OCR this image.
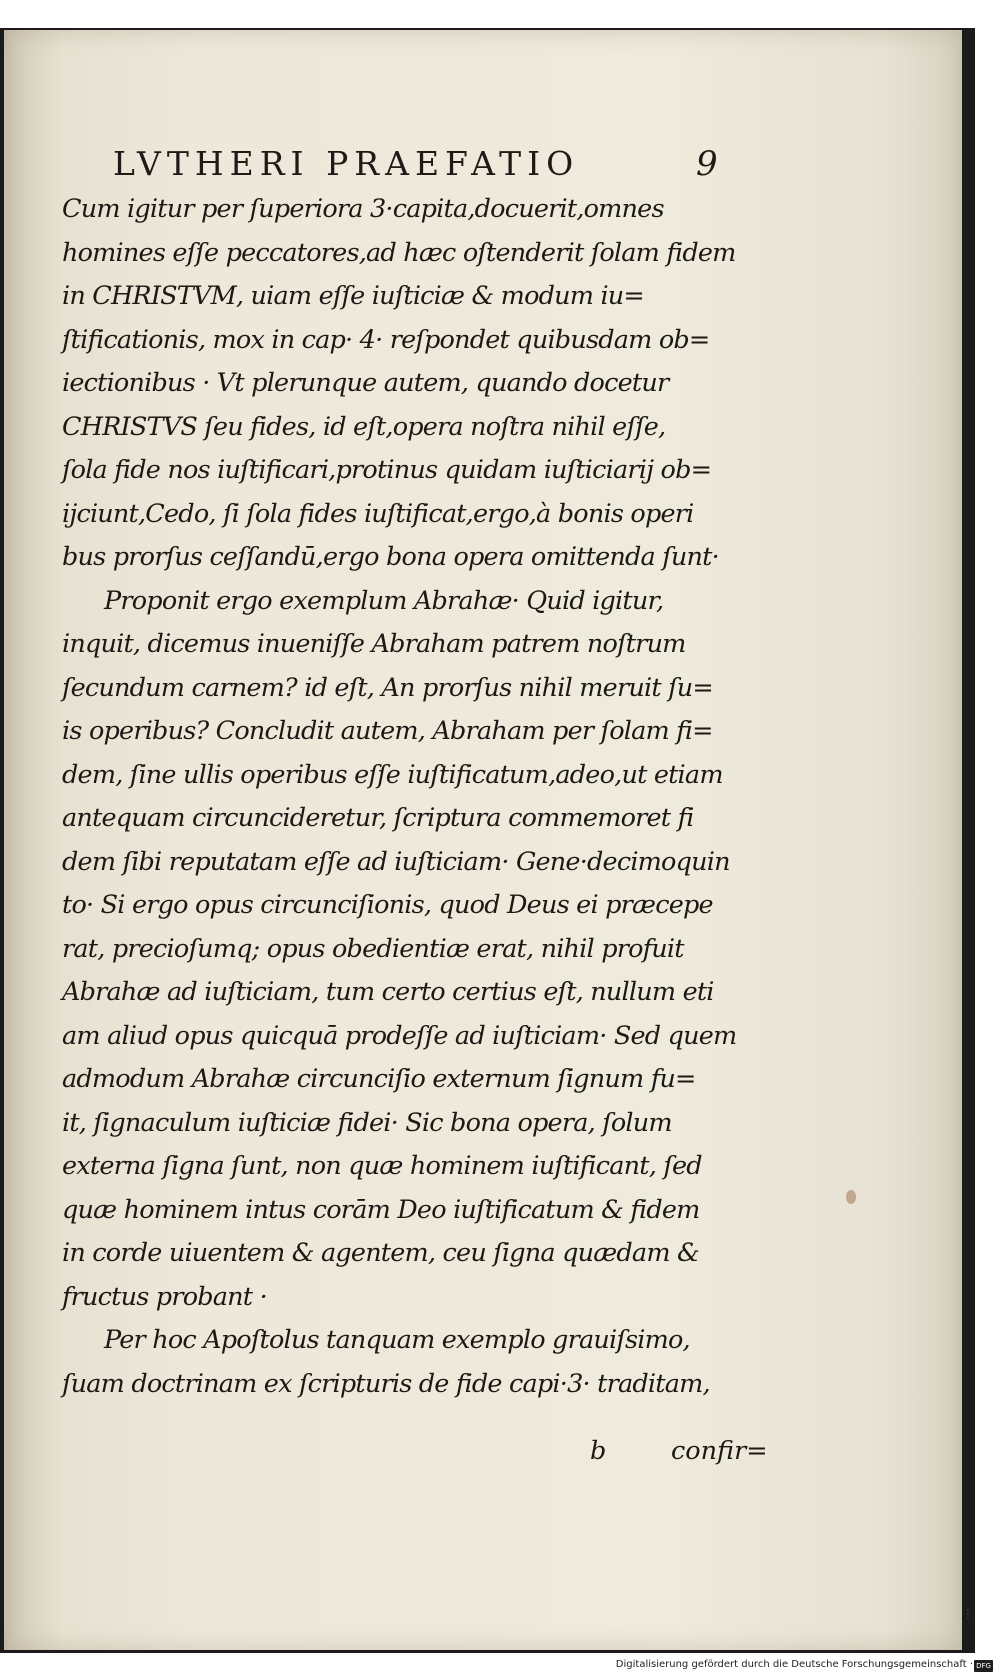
LVTHERI PRAEFATIO	9
Cum igitur per ſuperiora 3·capita,docuerit,omnes
homines eſſe peccatores,ad hæc oſtenderit ſolam fidem
in CHRISTVM, uiam eſſe iuſticiæ & modum iu=
ſtificationis, mox in cap· 4· reſpondet quibusdam ob=
iectionibus · Vt plerunque autem, quando docetur
CHRISTVS ſeu fides, id eſt,opera noſtra nihil eſſe,
ſola fide nos iuſtificari,protinus quidam iuſticiarij ob=
ijciunt,Cedo, ſi ſola fides iuſtificat,ergo,à bonis operi
bus prorſus ceſſandū,ergo bona opera omittenda ſunt·
Proponit ergo exemplum Abrahæ· Quid igitur,
inquit, dicemus inueniſſe Abraham patrem noſtrum
ſecundum carnem? id eſt, An prorſus nihil meruit ſu=
is operibus? Concludit autem, Abraham per ſolam fi=
dem, ſine ullis operibus eſſe iuſtificatum,adeo,ut etiam
antequam circuncideretur, ſcriptura commemoret fi
dem ſibi reputatam eſſe ad iuſticiam· Gene·decimoquin
to· Si ergo opus circunciſionis, quod Deus ei præcepe
rat, precioſumq; opus obedientiæ erat, nihil profuit
Abrahæ ad iuſticiam, tum certo certius eſt, nullum eti
am aliud opus quicquā prodeſſe ad iuſticiam· Sed quem
admodum Abrahæ circunciſio externum ſignum fu=
it, ſignaculum iuſticiæ fidei· Sic bona opera, ſolum
externa ſigna ſunt, non quæ hominem iuſtificant, ſed
quæ hominem intus corām Deo iuſtificatum & fidem
in corde uiuentem & agentem, ceu ſigna quædam &
fructus probant ·
Per hoc Apoſtolus tanquam exemplo grauiſsimo,
ſuam doctrinam ex ſcripturis de fide capi·3· traditam,
b	confir=
⁝
Digitalisierung gefördert durch die Deutsche Forschungsgemeinschaft · DFG
